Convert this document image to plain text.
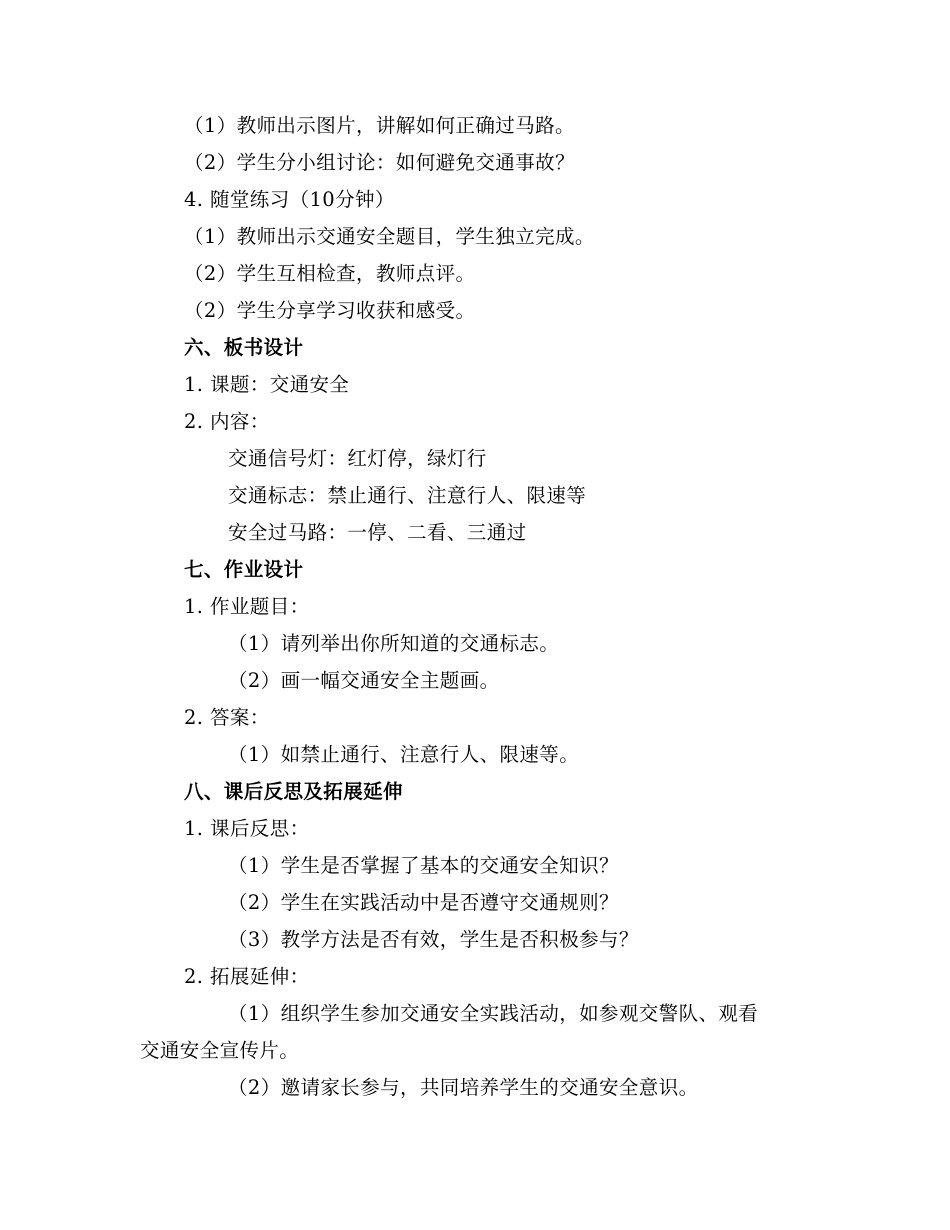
（1）教师出示图片，讲解如何正确过马路。
（2）学生分小组讨论：如何避免交通事故？
4. 随堂练习（10分钟）
（1）教师出示交通安全题目，学生独立完成。
（2）学生互相检查，教师点评。
（2）学生分享学习收获和感受。
六、板书设计
1. 课题：交通安全
2. 内容：
交通信号灯：红灯停，绿灯行
交通标志：禁止通行、注意行人、限速等
安全过马路：一停、二看、三通过
七、作业设计
1. 作业题目：
（1）请列举出你所知道的交通标志。
（2）画一幅交通安全主题画。
2. 答案：
（1）如禁止通行、注意行人、限速等。
八、课后反思及拓展延伸
1. 课后反思：
（1）学生是否掌握了基本的交通安全知识？
（2）学生在实践活动中是否遵守交通规则？
（3）教学方法是否有效，学生是否积极参与？
2. 拓展延伸：
（1）组织学生参加交通安全实践活动，如参观交警队、观看
交通安全宣传片。
（2）邀请家长参与，共同培养学生的交通安全意识。
